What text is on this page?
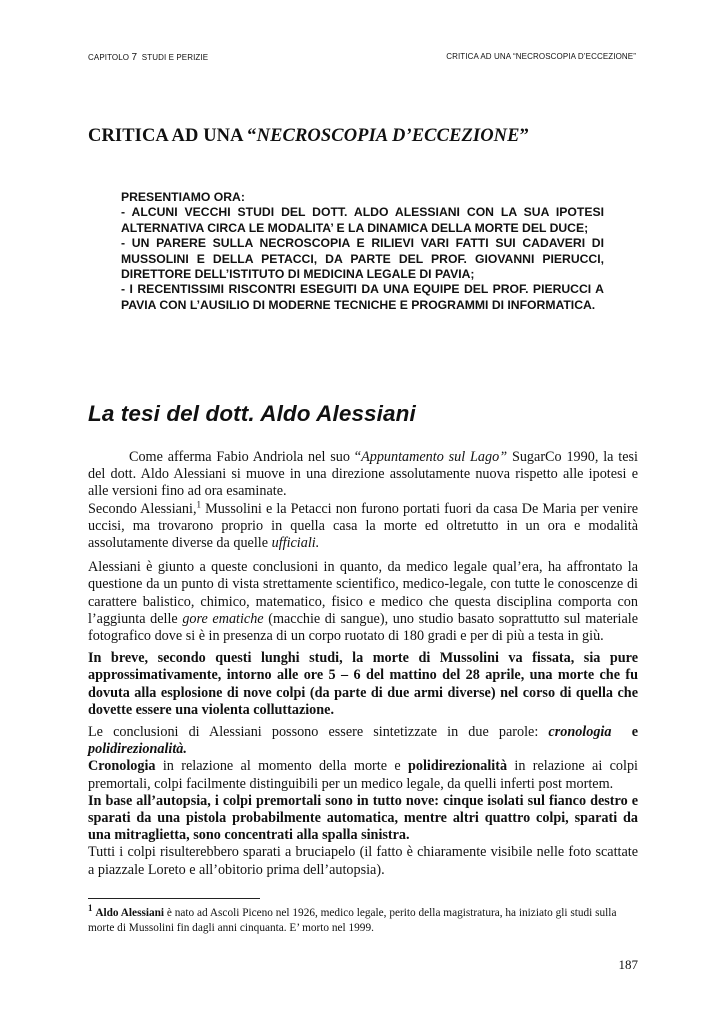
CAPITOLO 7 STUDI E PERIZIE	CRITICA AD UNA “NECROSCOPIA D’ECCEZIONE”
CRITICA AD UNA “NECROSCOPIA D’ECCEZIONE”
PRESENTIAMO ORA:
- ALCUNI VECCHI STUDI DEL DOTT. ALDO ALESSIANI CON LA SUA IPOTESI ALTERNATIVA CIRCA LE MODALITA’ E LA DINAMICA DELLA MORTE DEL DUCE;
- UN PARERE SULLA NECROSCOPIA E RILIEVI VARI FATTI SUI CADAVERI DI MUSSOLINI E DELLA PETACCI, DA PARTE DEL PROF. GIOVANNI PIERUCCI, DIRETTORE DELL’ISTITUTO DI MEDICINA LEGALE DI PAVIA;
- I RECENTISSIMI RISCONTRI ESEGUITI DA UNA EQUIPE DEL PROF. PIERUCCI A PAVIA CON L’AUSILIO DI MODERNE TECNICHE E PROGRAMMI DI INFORMATICA.
La tesi del dott. Aldo Alessiani

Come afferma Fabio Andriola nel suo “Appuntamento sul Lago” SugarCo 1990, la tesi del dott. Aldo Alessiani si muove in una direzione assolutamente nuova rispetto alle ipotesi e alle versioni fino ad ora esaminate.

Secondo Alessiani,$^1$ Mussolini e la Petacci non furono portati fuori da casa De Maria per venire uccisi, ma trovarono proprio in quella casa la morte ed oltretutto in un ora e modalità assolutamente diverse da quelle ufficiali.

Alessiani è giunto a queste conclusioni in quanto, da medico legale qual’era, ha affrontato la questione da un punto di vista strettamente scientifico, medico-legale, con tutte le conoscenze di carattere balistico, chimico, matematico, fisico e medico che questa disciplina comporta con l’aggiunta delle gore ematiche (macchie di sangue), uno studio basato soprattutto sul materiale fotografico dove si è in presenza di un corpo ruotato di 180 gradi e per di più a testa in giù.

In breve, secondo questi lunghi studi, la morte di Mussolini va fissata, sia pure approssimativamente, intorno alle ore 5 – 6 del mattino del 28 aprile, una morte che fu dovuta alla esplosione di nove colpi (da parte di due armi diverse) nel corso di quella che dovette essere una violenta colluttazione.

Le conclusioni di Alessiani possono essere sintetizzate in due parole: cronologia e polidirezionalità.

Cronologia in relazione al momento della morte e polidirezionalità in relazione ai colpi premortali, colpi facilmente distinguibili per un medico legale, da quelli inferti post mortem.

In base all’autopsia, i colpi premortali sono in tutto nove: cinque isolati sul fianco destro e sparati da una pistola probabilmente automatica, mentre altri quattro colpi, sparati da una mitraglietta, sono concentrati alla spalla sinistra.

Tutti i colpi risulterebbero sparati a bruciapelo (il fatto è chiaramente visibile nelle foto scattate a piazzale Loreto e all’obitorio prima dell’autopsia).

$^1$ Aldo Alessiani è nato ad Ascoli Piceno nel 1926, medico legale, perito della magistratura, ha iniziato gli studi sulla morte di Mussolini fin dagli anni cinquanta. E’ morto nel 1999.
187
